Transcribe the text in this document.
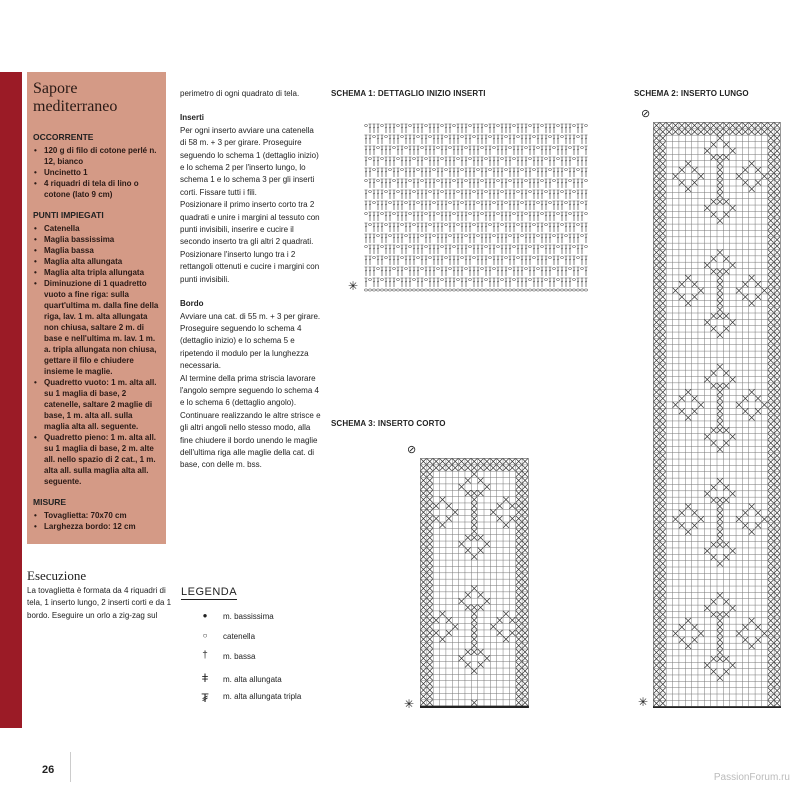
Sapore mediterraneo
OCCORRENTE
• 120 g di filo di cotone perlé n. 12, bianco
• Uncinetto 1
• 4 riquadri di tela di lino o cotone (lato 9 cm)
PUNTI IMPIEGATI
• Catenella
• Maglia bassissima
• Maglia bassa
• Maglia alta allungata
• Maglia alta tripla allungata
• Diminuzione di 1 quadretto vuoto a fine riga: sulla quart'ultima m. dalla fine della riga, lav. 1 m. alta allungata non chiusa, saltare 2 m. di base e nell'ultima m. lav. 1 m. a. tripla allungata non chiusa, gettare il filo e chiudere insieme le maglie.
• Quadretto vuoto: 1 m. alta all. su 1 maglia di base, 2 catenelle, saltare 2 maglie di base, 1 m. alta all. sulla maglia alta all. seguente.
• Quadretto pieno: 1 m. alta all. su 1 maglia di base, 2 m. alte all. nello spazio di 2 cat., 1 m. alta all. sulla maglia alta all. seguente.
MISURE
• Tovaglietta: 70x70 cm
• Larghezza bordo: 12 cm
Esecuzione

La tovaglietta è formata da 4 riquadri di tela, 1 inserto lungo, 2 inserti corti e da 1 bordo. Eseguire un orlo a zig-zag sul

perimetro di ogni quadrato di tela.

Inserti

Per ogni inserto avviare una catenella di 58 m. + 3 per girare. Proseguire seguendo lo schema 1 (dettaglio inizio) e lo schema 2 per l'inserto lungo, lo schema 1 e lo schema 3 per gli inserti corti. Fissare tutti i fili.

Posizionare il primo inserto corto tra 2 quadrati e unire i margini al tessuto con punti invisibili, inserire e cucire il secondo inserto tra gli altri 2 quadrati.

Posizionare l'inserto lungo tra i 2 rettangoli ottenuti e cucire i margini con punti invisibili.

Bordo

Avviare una cat. di 55 m. + 3 per girare. Proseguire seguendo lo schema 4 (dettaglio inizio) e lo schema 5 e ripetendo il modulo per la lunghezza necessaria.

Al termine della prima striscia lavorare l'angolo sempre seguendo lo schema 4 e lo schema 6 (dettaglio angolo).

Continuare realizzando le altre strisce e gli altri angoli nello stesso modo, alla fine chiudere il bordo unendo le maglie dell'ultima riga alle maglie della cat. di base, con delle m. bss.

LEGENDA
●	m. bassissima
○	catenella
†	m. bassa
ǂ	m. alta allungata
₮ m. alta allungata tripla
SCHEMA 1: DETTAGLIO INIZIO INSERTI	SCHEMA 2: INSERTO LUNGO
SCHEMA 3: INSERTO CORTO
✳
⊘
✳
⊘
✳
26
PassionForum.ru
